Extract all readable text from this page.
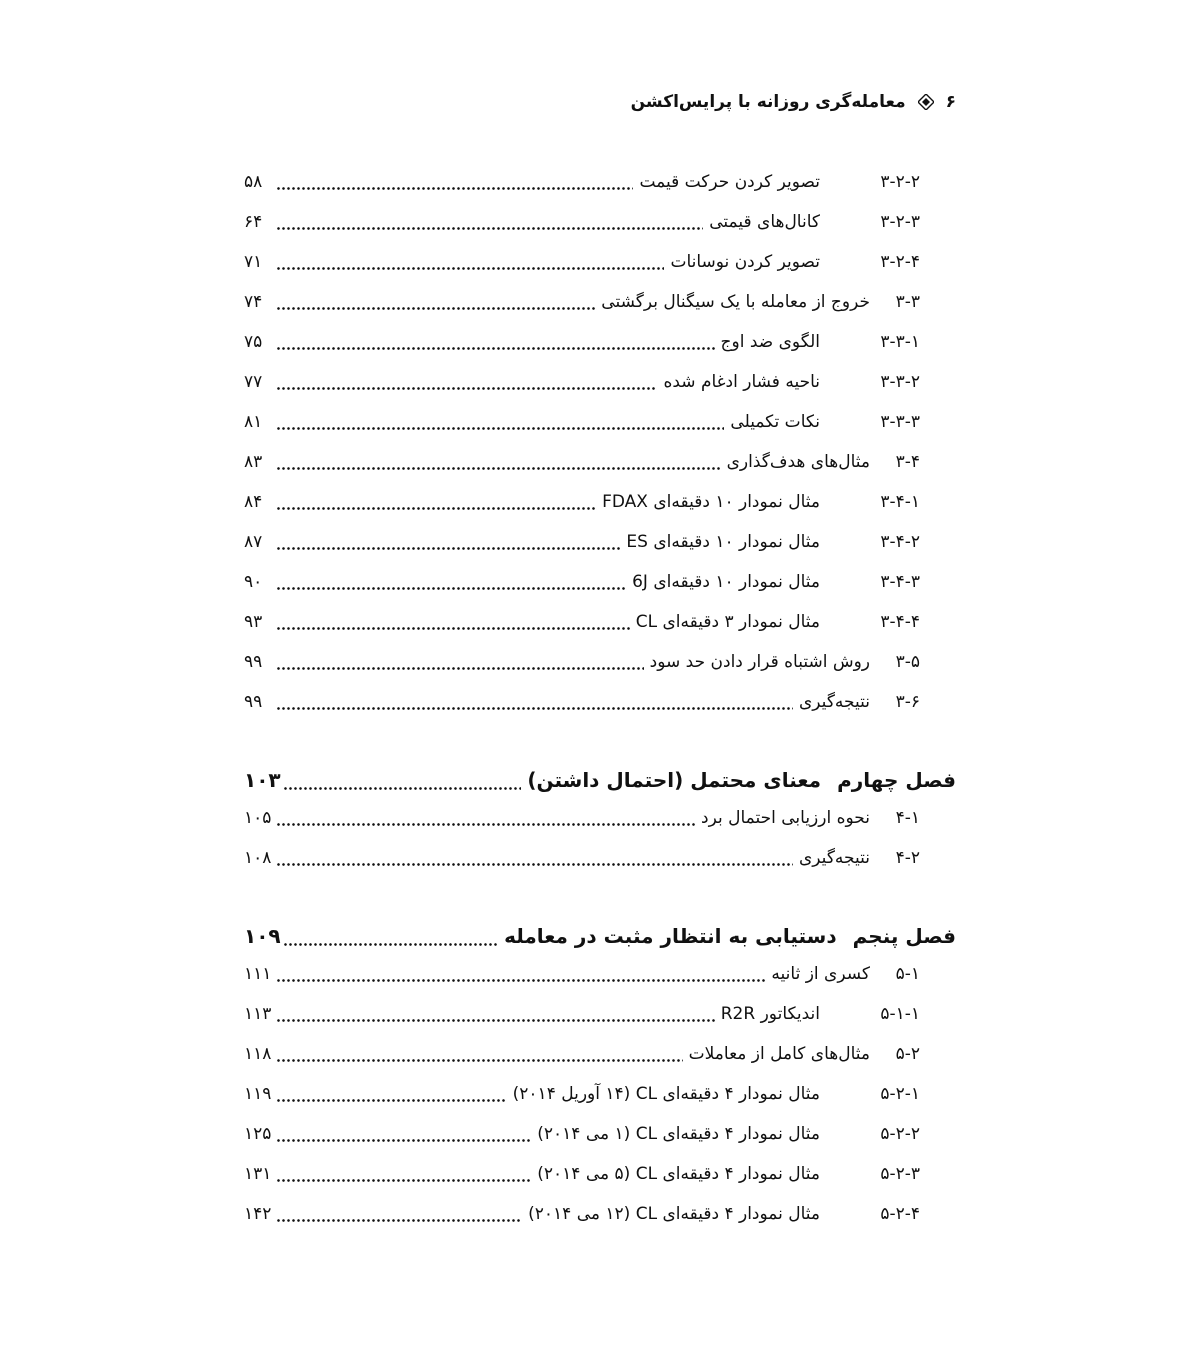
۶
معامله‌گری روزانه با پرایس‌اکشن
۳-۲-۲
تصویر کردن حرکت قیمت
۵۸
۳-۲-۳
کانال‌های قیمتی
۶۴
۳-۲-۴
تصویر کردن نوسانات
۷۱
۳-۳
خروج از معامله با یک سیگنال برگشتی
۷۴
۳-۳-۱
الگوی ضد اوج
۷۵
۳-۳-۲
ناحیه فشار ادغام شده
۷۷
۳-۳-۳
نکات تکمیلی
۸۱
۳-۴
مثال‌های هدف‌گذاری
۸۳
۳-۴-۱
مثال نمودار ۱۰ دقیقه‌ای FDAX
۸۴
۳-۴-۲
مثال نمودار ۱۰ دقیقه‌ای ES
۸۷
۳-۴-۳
مثال نمودار ۱۰ دقیقه‌ای 6J
۹۰
۳-۴-۴
مثال نمودار ۳ دقیقه‌ای CL
۹۳
۳-۵
روش اشتباه قرار دادن حد سود
۹۹
۳-۶
نتیجه‌گیری
۹۹
فصل چهارم
معنای محتمل (احتمال داشتن)
۱۰۳
۴-۱
نحوه ارزیابی احتمال برد
۱۰۵
۴-۲
نتیجه‌گیری
۱۰۸
فصل پنجم
دستیابی به انتظار مثبت در معامله
۱۰۹
۵-۱
کسری از ثانیه
۱۱۱
۵-۱-۱
اندیکاتور R2R
۱۱۳
۵-۲
مثال‌های کامل از معاملات
۱۱۸
۵-۲-۱
مثال نمودار ۴ دقیقه‌ای CL (۱۴ آوریل ۲۰۱۴)
۱۱۹
۵-۲-۲
مثال نمودار ۴ دقیقه‌ای CL (۱ می ۲۰۱۴)
۱۲۵
۵-۲-۳
مثال نمودار ۴ دقیقه‌ای CL (۵ می ۲۰۱۴)
۱۳۱
۵-۲-۴
مثال نمودار ۴ دقیقه‌ای CL (۱۲ می ۲۰۱۴)
۱۴۲
